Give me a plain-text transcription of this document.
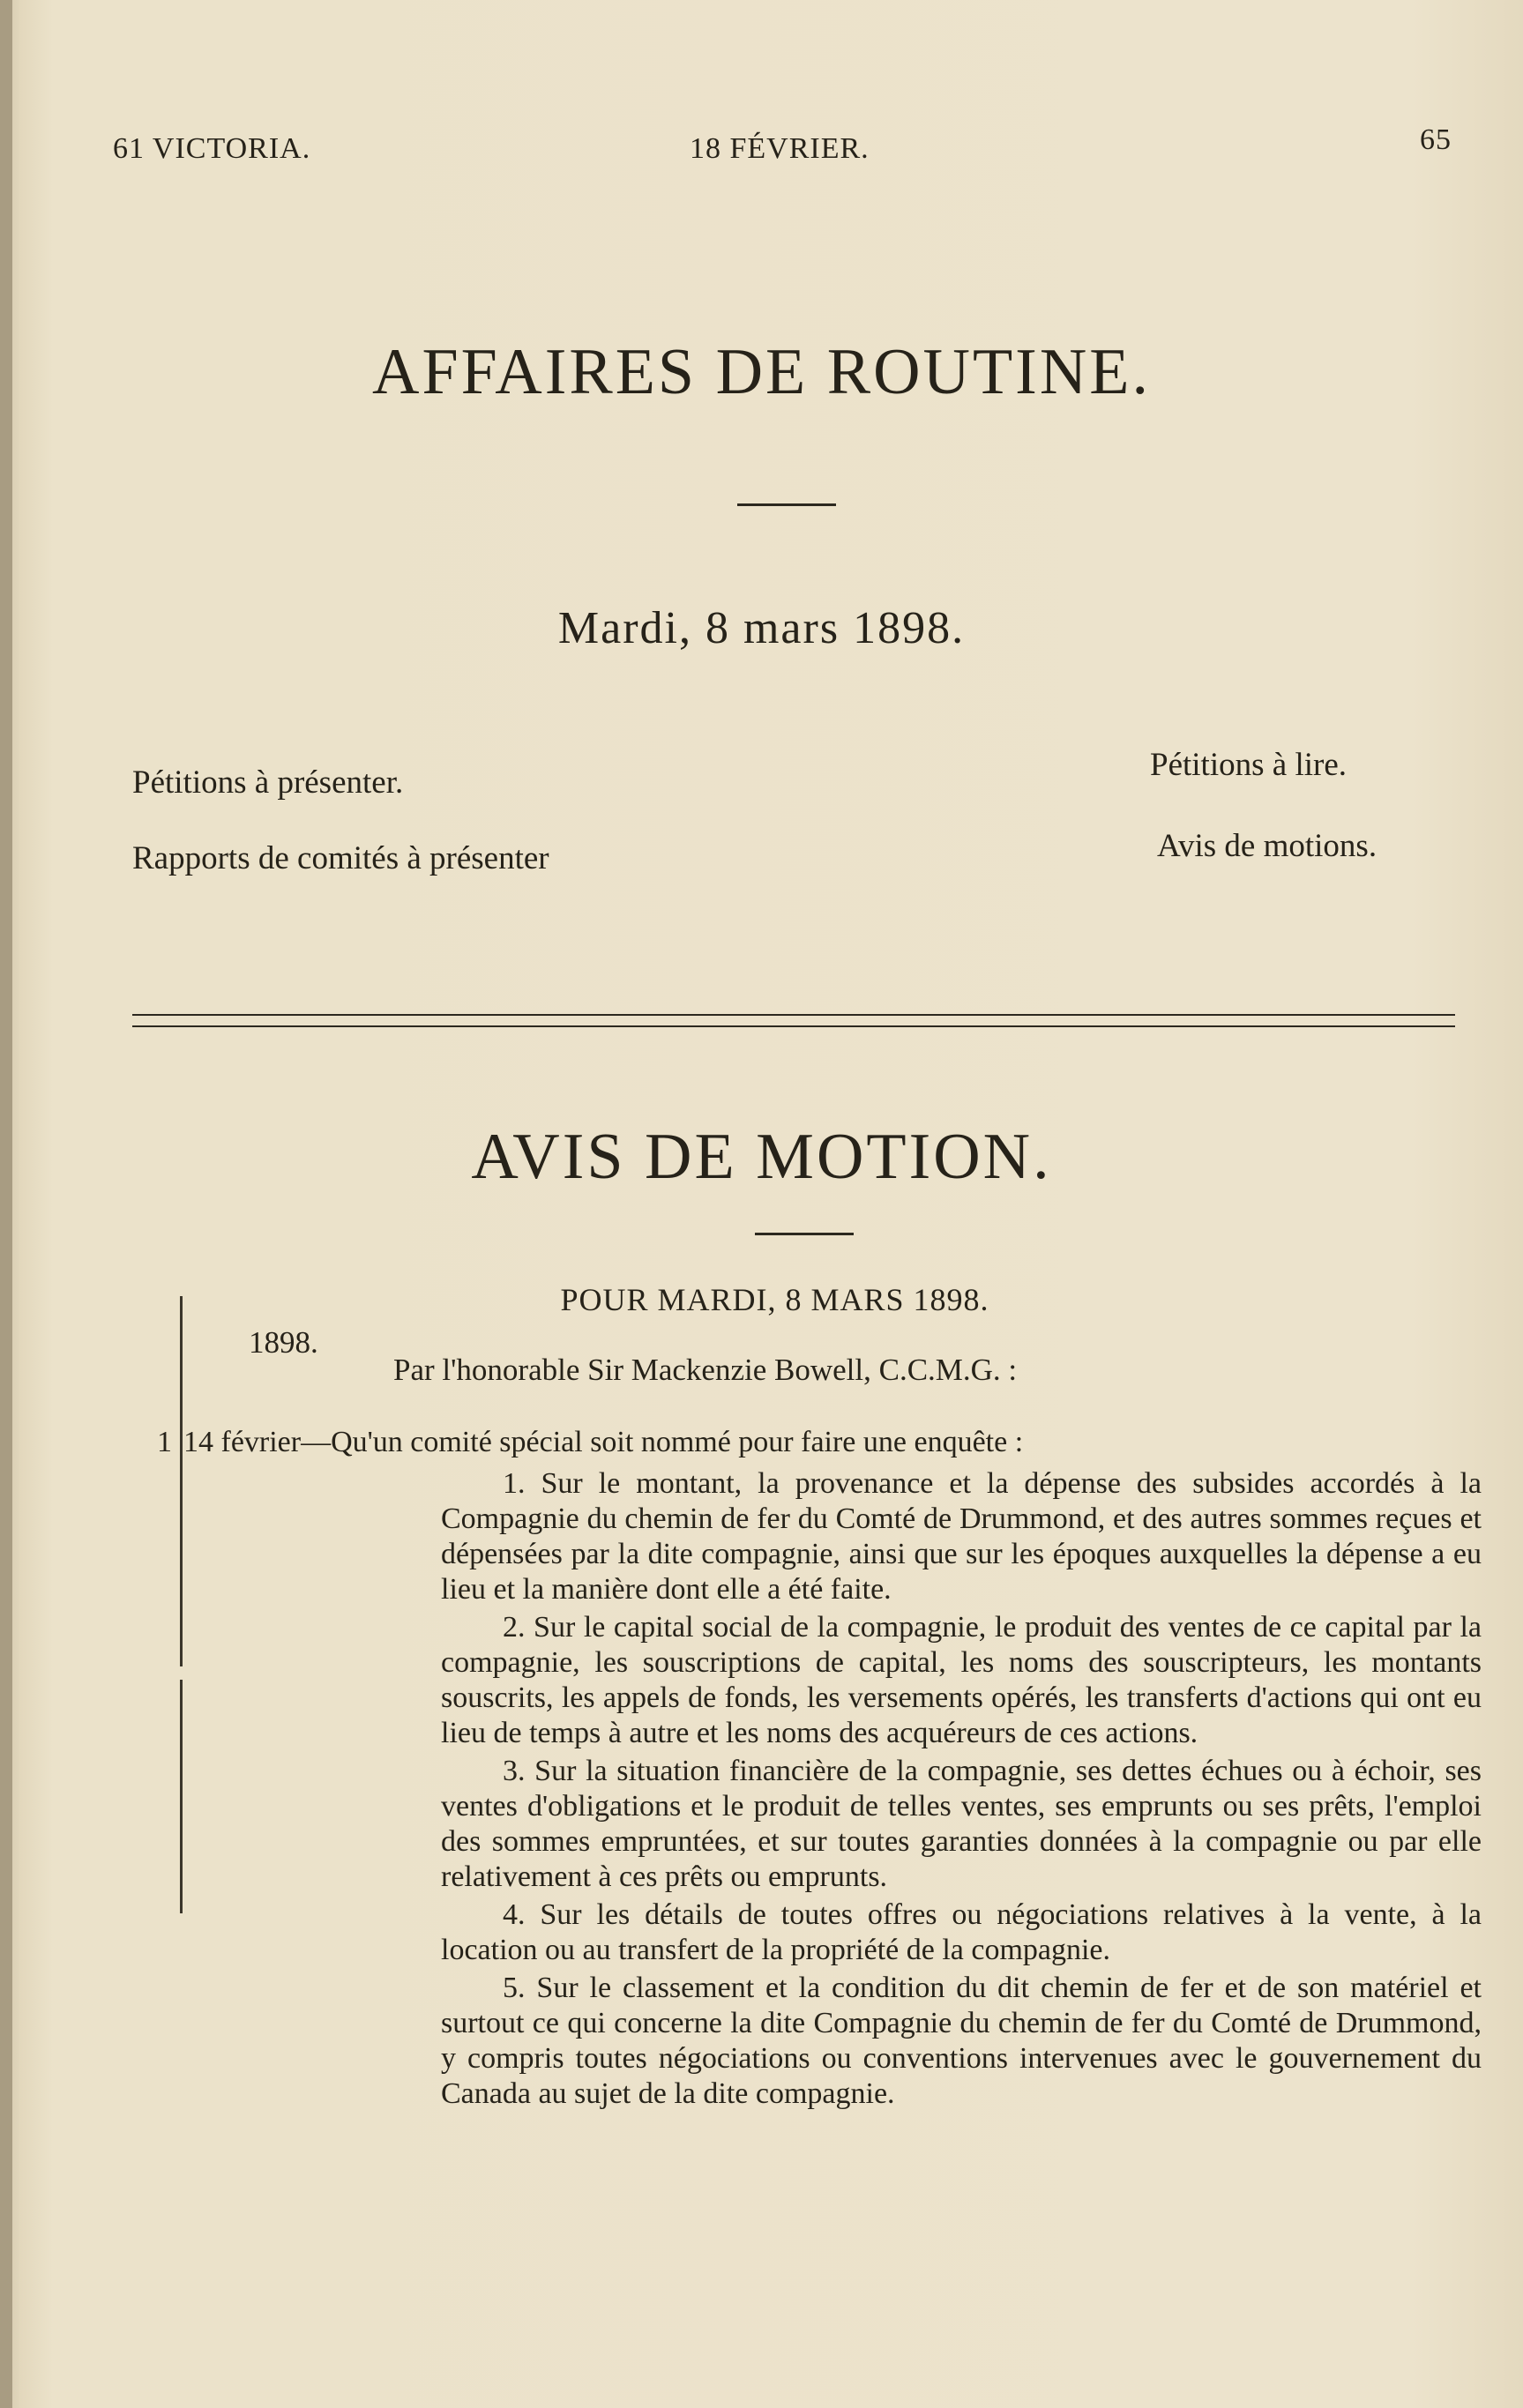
61 VICTORIA.	18 FÉVRIER.	65
AFFAIRES DE ROUTINE.
Mardi, 8 mars 1898.
Pétitions à présenter.
Rapports de comités à présenter
Pétitions à lire.
Avis de motions.
AVIS DE MOTION.
POUR MARDI, 8 MARS 1898.
1898.
Par l'honorable Sir Mackenzie Bowell, C.C.M.G. :
1 14 février—Qu'un comité spécial soit nommé pour faire une enquête :

1. Sur le montant, la provenance et la dépense des subsides accordés à la Compagnie du chemin de fer du Comté de Drummond, et des autres sommes reçues et dépensées par la dite compagnie, ainsi que sur les époques auxquelles la dépense a eu lieu et la manière dont elle a été faite.

2. Sur le capital social de la compagnie, le produit des ventes de ce capital par la compagnie, les souscriptions de capital, les noms des souscripteurs, les montants souscrits, les appels de fonds, les versements opérés, les transferts d'actions qui ont eu lieu de temps à autre et les noms des acquéreurs de ces actions.

3. Sur la situation financière de la compagnie, ses dettes échues ou à échoir, ses ventes d'obligations et le produit de telles ventes, ses emprunts ou ses prêts, l'emploi des sommes empruntées, et sur toutes garanties données à la compagnie ou par elle relativement à ces prêts ou emprunts.

4. Sur les détails de toutes offres ou négociations relatives à la vente, à la location ou au transfert de la propriété de la compagnie.

5. Sur le classement et la condition du dit chemin de fer et de son matériel et surtout ce qui concerne la dite Compagnie du chemin de fer du Comté de Drummond, y compris toutes négociations ou conventions intervenues avec le gouvernement du Canada au sujet de la dite compagnie.
